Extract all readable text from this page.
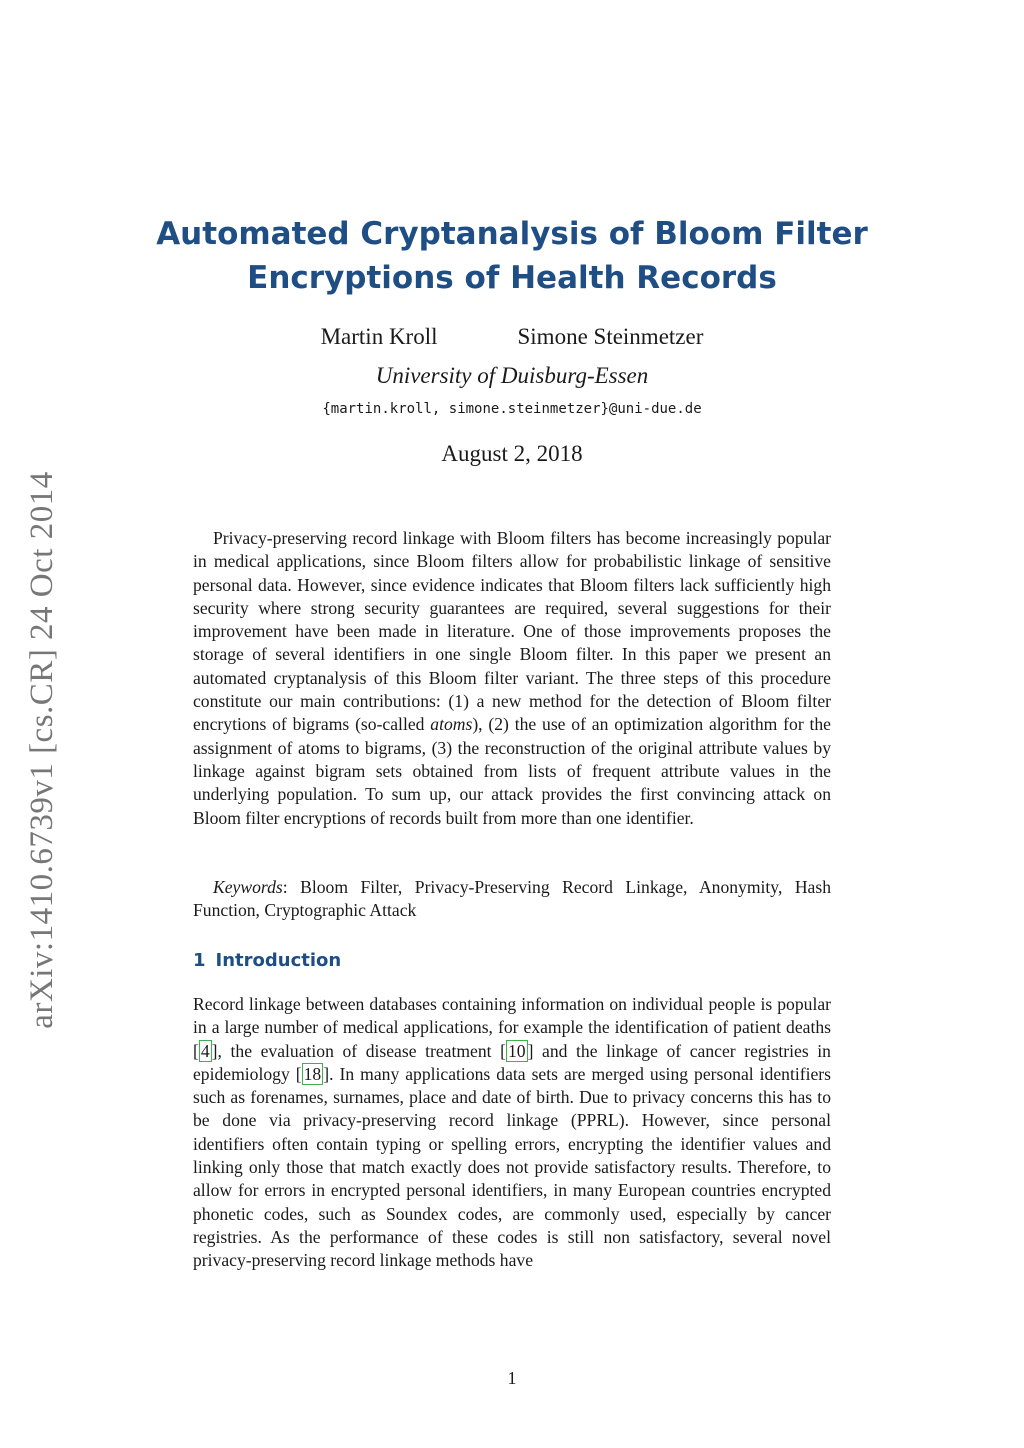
arXiv:1410.6739v1 [cs.CR] 24 Oct 2014
Automated Cryptanalysis of Bloom Filter
Encryptions of Health Records
Martin Kroll	Simone Steinmetzer
University of Duisburg-Essen
{martin.kroll, simone.steinmetzer}@uni-due.de
August 2, 2018

Privacy-preserving record linkage with Bloom filters has become increasingly popular in medical applications, since Bloom filters allow for probabilistic linkage of sensitive personal data. However, since evidence indicates that Bloom filters lack sufficiently high security where strong security guarantees are required, several suggestions for their improvement have been made in literature. One of those improvements proposes the storage of several identifiers in one single Bloom filter. In this paper we present an automated cryptanalysis of this Bloom filter variant. The three steps of this procedure constitute our main contributions: (1) a new method for the detection of Bloom filter encrytions of bigrams (so-called atoms), (2) the use of an optimization algorithm for the assignment of atoms to bigrams, (3) the reconstruction of the original attribute values by linkage against bigram sets obtained from lists of frequent attribute values in the underlying population. To sum up, our attack provides the first convincing attack on Bloom filter encryptions of records built from more than one identifier.

Keywords: Bloom Filter, Privacy-Preserving Record Linkage, Anonymity, Hash Function, Cryptographic Attack
1 Introduction
Record linkage between databases containing information on individual people is popular in a large number of medical applications, for example the identification of patient deaths [ 4 ], the evaluation of disease treatment [ 10 ] and the linkage of cancer registries in epidemiology [ 18 ]. In many applications data sets are merged using personal identifiers such as forenames, surnames, place and date of birth. Due to privacy concerns this has to be done via privacy-preserving record linkage (PPRL). However, since personal identifiers often contain typing or spelling errors, encrypting the identifier values and linking only those that match exactly does not provide satisfactory results. Therefore, to allow for errors in encrypted personal identifiers, in many European countries encrypted phonetic codes, such as Soundex codes, are commonly used, especially by cancer registries. As the performance of these codes is still non satisfactory, several novel privacy-preserving record linkage methods have
1
